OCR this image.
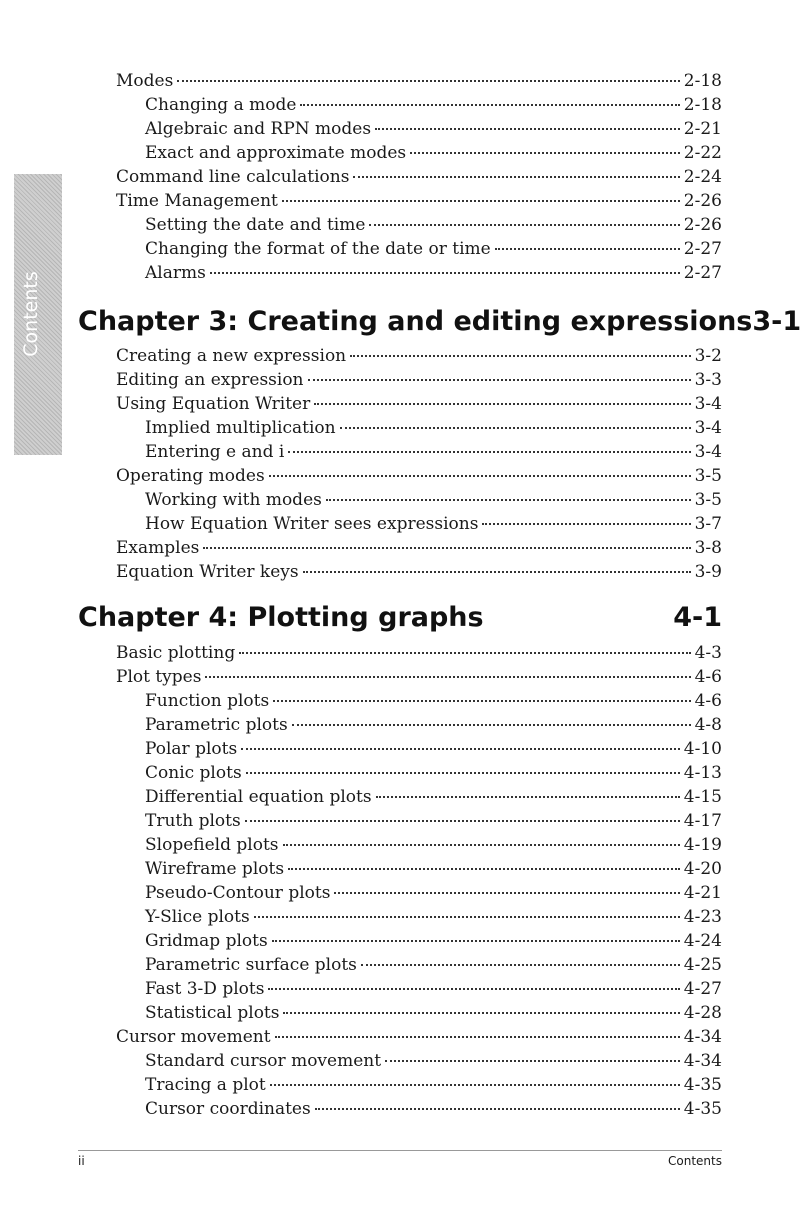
Contents
Modes	2-18
Changing a mode	2-18
Algebraic and RPN modes	2-21
Exact and approximate modes	2-22
Command line calculations	2-24
Time Management	2-26
Setting the date and time	2-26
Changing the format of the date or time	2-27
Alarms	2-27
Chapter 3: Creating and editing expressions 3-1
Creating a new expression	3-2
Editing an expression	3-3
Using Equation Writer	3-4
Implied multiplication	3-4
Entering e and i	3-4
Operating modes	3-5
Working with modes	3-5
How Equation Writer sees expressions	3-7
Examples	3-8
Equation Writer keys	3-9
Chapter 4: Plotting graphs	4-1
Basic plotting	4-3
Plot types	4-6
Function plots	4-6
Parametric plots	4-8
Polar plots	4-10
Conic plots	4-13
Differential equation plots	4-15
Truth plots	4-17
Slopefield plots	4-19
Wireframe plots	4-20
Pseudo-Contour plots	4-21
Y-Slice plots	4-23
Gridmap plots	4-24
Parametric surface plots	4-25
Fast 3-D plots	4-27
Statistical plots	4-28
Cursor movement	4-34
Standard cursor movement	4-34
Tracing a plot	4-35
Cursor coordinates	4-35
ii	Contents
